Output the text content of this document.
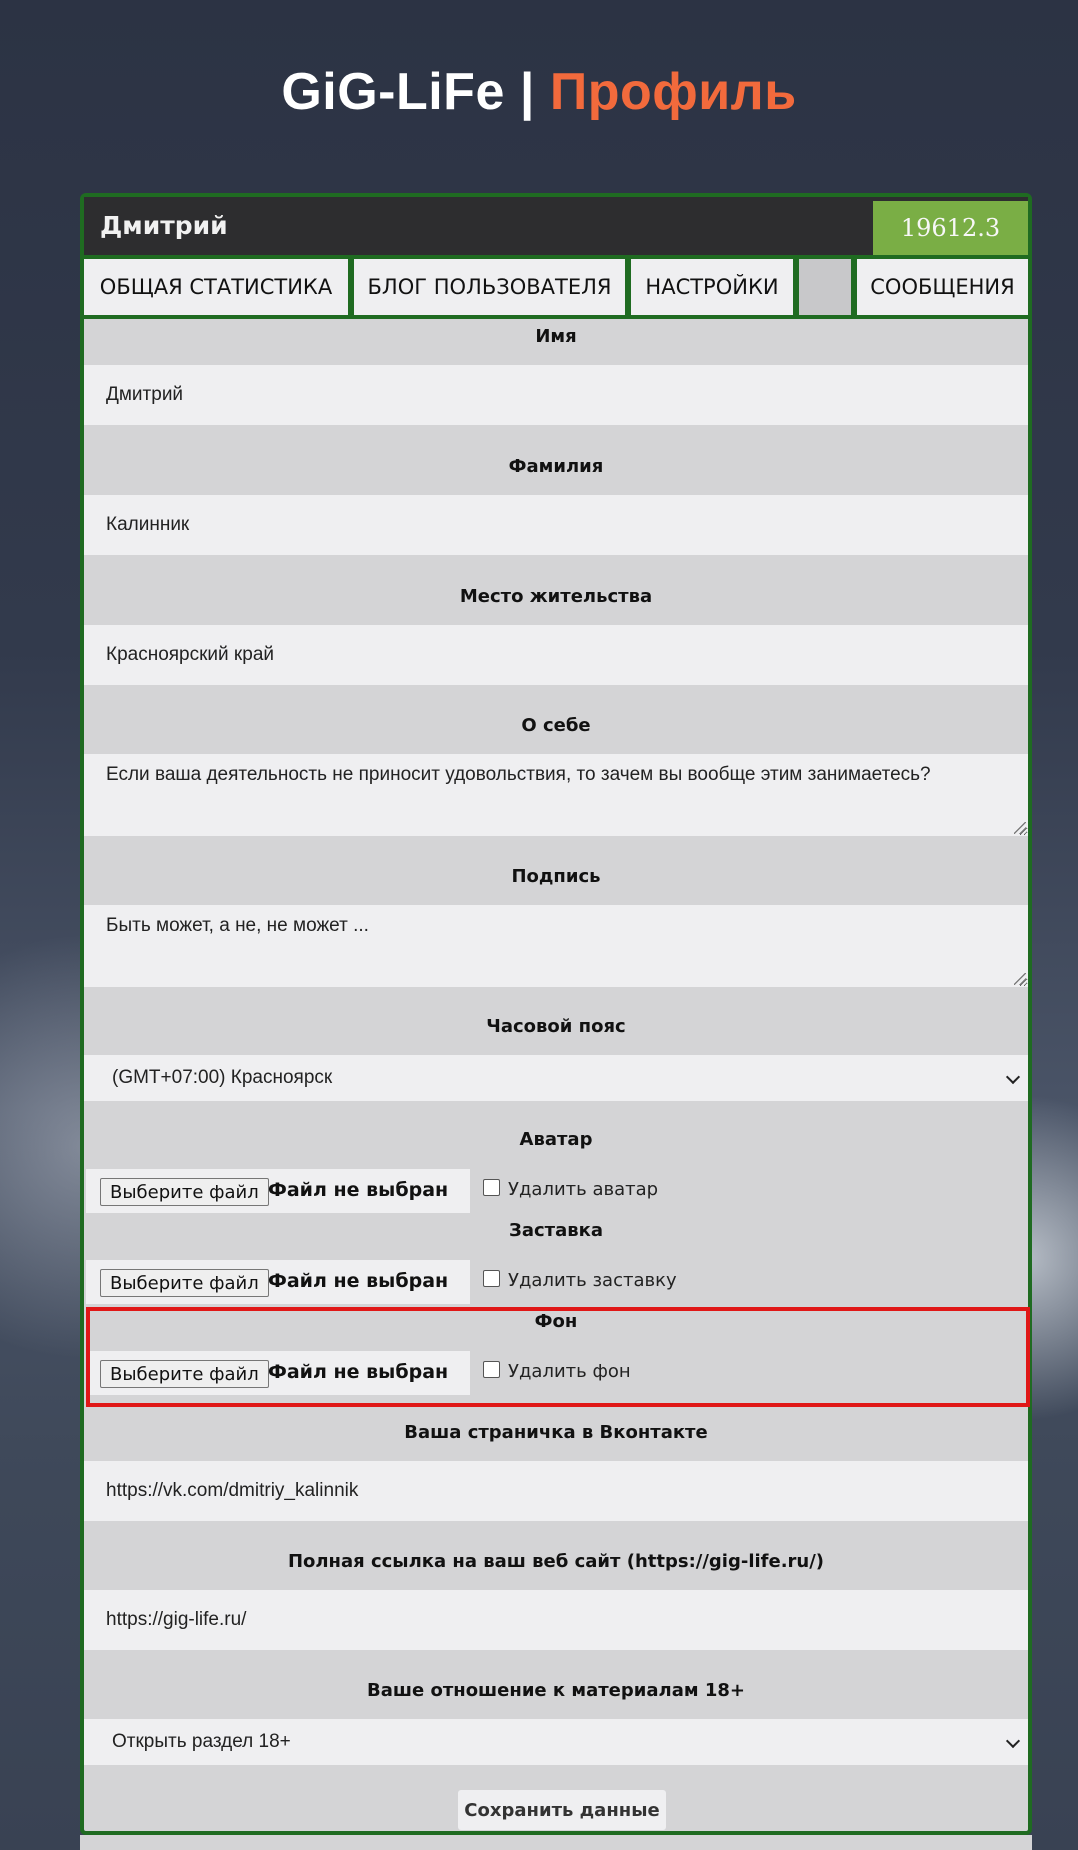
GiG-LiFe | Профиль
Дмитрий	19612.3
ОБЩАЯ СТАТИСТИКА	БЛОГ ПОЛЬЗОВАТЕЛЯ	НАСТРОЙКИ	СООБЩЕНИЯ
Имя
Дмитрий
Фамилия
Калинник
Место жительства
Красноярский край
О себе
Если ваша деятельность не приносит удовольствия, то зачем вы вообще этим занимаетесь?
Подпись
Быть может, а не, не может ...
Часовой пояс
(GMT+07:00) Красноярск
Аватар
Выберите файл Файл не выбран	Удалить аватар
Заставка
Выберите файл Файл не выбран	Удалить заставку
Фон
Выберите файл Файл не выбран	Удалить фон
Ваша страничка в Вконтакте
https://vk.com/dmitriy_kalinnik
Полная ссылка на ваш веб сайт (https://gig-life.ru/)
https://gig-life.ru/
Ваше отношение к материалам 18+
Открыть раздел 18+
Сохранить данные
